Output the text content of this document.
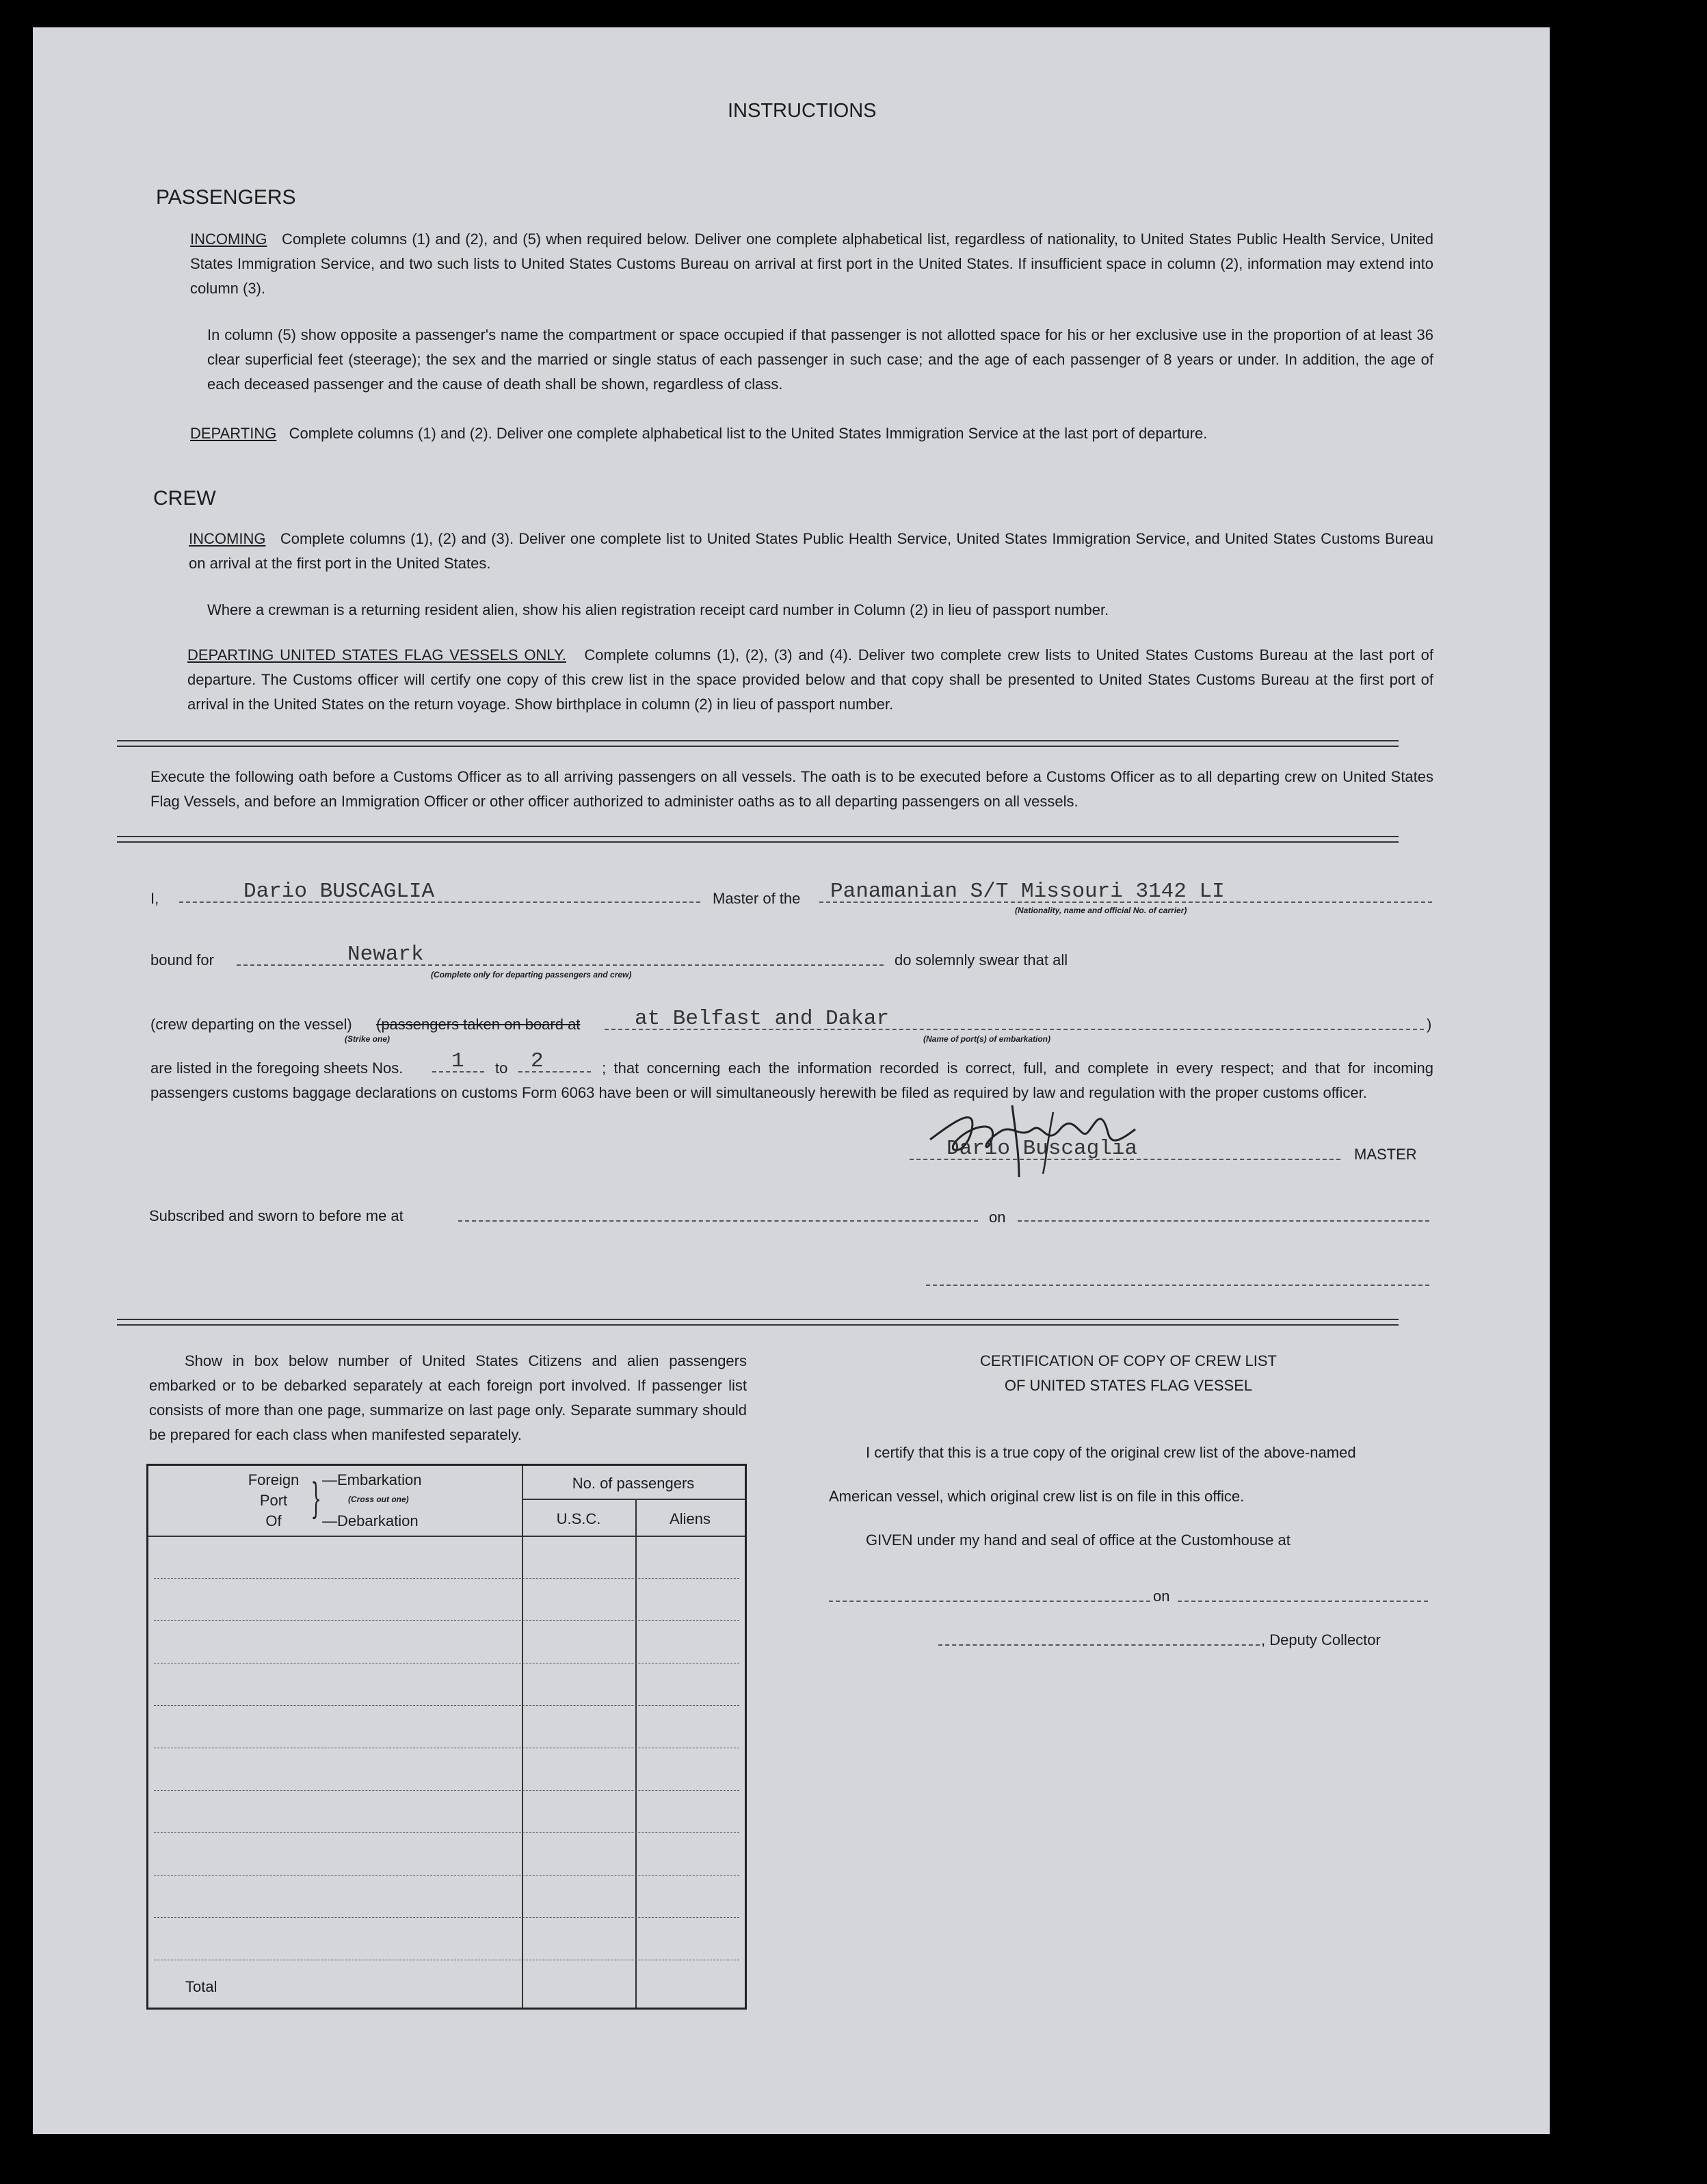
INSTRUCTIONS
PASSENGERS
INCOMING Complete columns (1) and (2), and (5) when required below. Deliver one complete alphabetical list, regardless of nationality, to United States Public Health Service, United States Immigration Service, and two such lists to United States Customs Bureau on arrival at first port in the United States. If insufficient space in column (2), information may extend into column (3).
In column (5) show opposite a passenger's name the compartment or space occupied if that passenger is not allotted space for his or her exclusive use in the proportion of at least 36 clear superficial feet (steerage); the sex and the married or single status of each passenger in such case; and the age of each passenger of 8 years or under. In addition, the age of each deceased passenger and the cause of death shall be shown, regardless of class.
DEPARTING Complete columns (1) and (2). Deliver one complete alphabetical list to the United States Immigration Service at the last port of departure.
CREW
INCOMING Complete columns (1), (2) and (3). Deliver one complete list to United States Public Health Service, United States Immigration Service, and United States Customs Bureau on arrival at the first port in the United States.
Where a crewman is a returning resident alien, show his alien registration receipt card number in Column (2) in lieu of passport number.
DEPARTING UNITED STATES FLAG VESSELS ONLY. Complete columns (1), (2), (3) and (4). Deliver two complete crew lists to United States Customs Bureau at the last port of departure. The Customs officer will certify one copy of this crew list in the space provided below and that copy shall be presented to United States Customs Bureau at the first port of arrival in the United States on the return voyage. Show birthplace in column (2) in lieu of passport number.
Execute the following oath before a Customs Officer as to all arriving passengers on all vessels. The oath is to be executed before a Customs Officer as to all departing crew on United States Flag Vessels, and before an Immigration Officer or other officer authorized to administer oaths as to all departing passengers on all vessels.
I,	Dario BUSCAGLIA	Master of the Panamanian S/T Missouri 3142 LI
(Nationality, name and official No. of carrier)
bound for	Newark
(Complete only for departing passengers and crew)
do solemnly swear that all
(crew departing on the vessel) (passengers taken on board at
(Strike one)
at Belfast and Dakar
(Name of port(s) of embarkation)
)
are listed in the foregoing sheets Nos. 1 to 2	; that concerning each the information recorded is correct, full, and complete in every respect; and that for incoming passengers customs baggage declarations on customs Form 6063 have been or will simultaneously herewith be filed as required by law and regulation with the proper customs officer.
Dario Buscaglia	MASTER
Subscribed and sworn to before me at	on
Show in box below number of United States Citizens and alien passengers embarked or to be debarked separately at each foreign port involved. If passenger list consists of more than one page, summarize on last page only. Separate summary should be prepared for each class when manifested separately.
Foreign
Port
Of } —Embarkation
(Cross out one)
—Debarkation
No. of passengers
U.S.C.	Aliens
Total
CERTIFICATION OF COPY OF CREW LIST
OF UNITED STATES FLAG VESSEL
I certify that this is a true copy of the original crew list of the above-named
American vessel, which original crew list is on file in this office.
GIVEN under my hand and seal of office at the Customhouse at
on
, Deputy Collector
